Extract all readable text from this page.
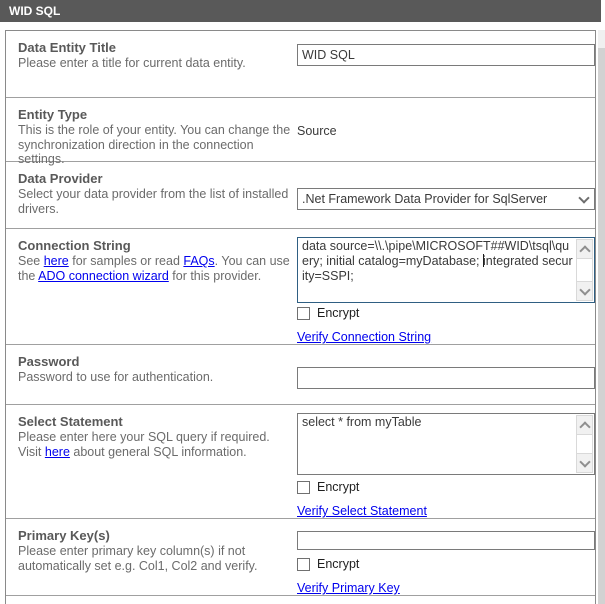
WID SQL
Data Entity Title
Please enter a title for current data entity.
WID SQL
Entity Type
This is the role of your entity. You can change the synchronization direction in the connection settings.
Source
Data Provider
Select your data provider from the list of installed drivers.
.Net Framework Data Provider for SqlServer
Connection String
See here for samples or read FAQs. You can use the ADO connection wizard for this provider.
data source=\\.\pipe\MICROSOFT##WID\tsql\query; initial catalog=myDatabase; integrated security=SSPI;
Encrypt
Verify Connection String
Password
Password to use for authentication.
Select Statement
Please enter here your SQL query if required. Visit here about general SQL information.
select * from myTable
Encrypt
Verify Select Statement
Primary Key(s)
Please enter primary key column(s) if not automatically set e.g. Col1, Col2 and verify.	Encrypt
Verify Primary Key
